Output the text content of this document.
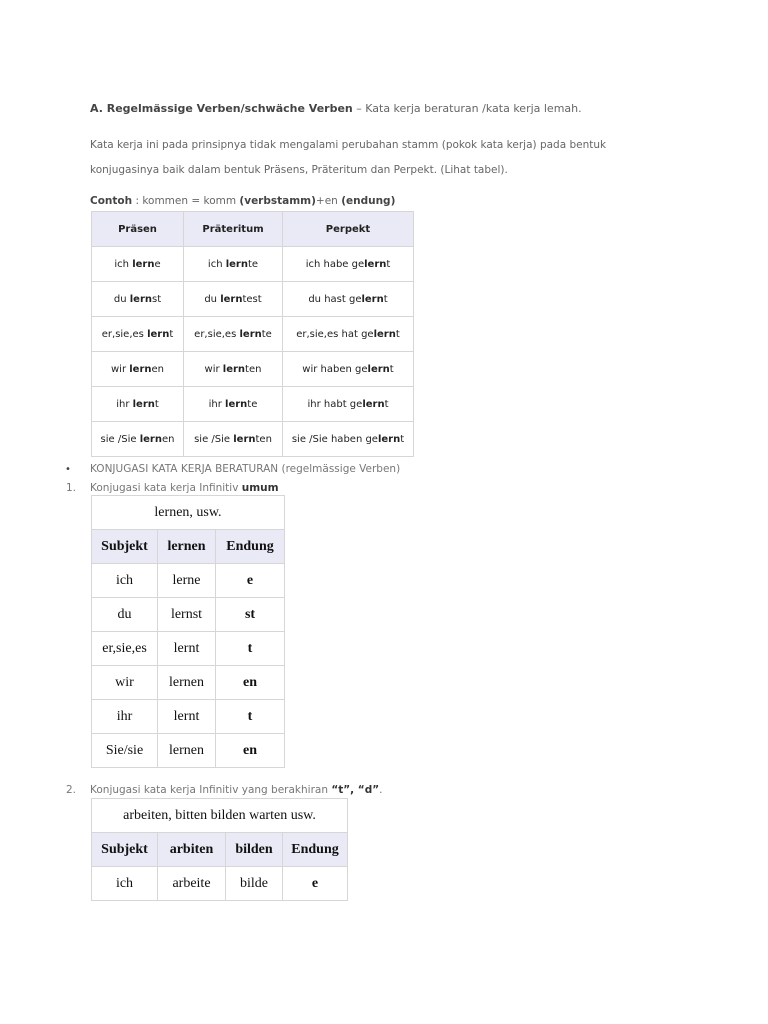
A. Regelmässige Verben/schwäche Verben – Kata kerja beraturan /kata kerja lemah.
Kata kerja ini pada prinsipnya tidak mengalami perubahan stamm (pokok kata kerja) pada bentuk konjugasinya baik dalam bentuk Präsens, Präteritum dan Perpekt. (Lihat tabel).
Contoh : kommen = komm (verbstamm)+en (endung)
Präsen	Präteritum	Perpekt
ich lerne	ich lernte	ich habe gelernt
du lernst	du lerntest	du hast gelernt
er,sie,es lernt	er,sie,es lernte	er,sie,es hat gelernt
wir lernen	wir lernten	wir haben gelernt
ihr lernt	ihr lernte	ihr habt gelernt
sie /Sie lernen	sie /Sie lernten	sie /Sie haben gelernt
• KONJUGASI KATA KERJA BERATURAN (regelmässige Verben)
1. Konjugasi kata kerja Infinitiv umum
lernen, usw.		
Subjekt	lernen	Endung
ich	lerne	e
du	lernst	st
er,sie,es	lernt	t
wir	lernen	en
ihr	lernt	t
Sie/sie	lernen	en
2. Konjugasi kata kerja Infinitiv yang berakhiran “t”, “d”.
arbeiten, bitten bilden warten usw.			
Subjekt	arbiten	bilden	Endung
ich	arbeite	bilde	e
